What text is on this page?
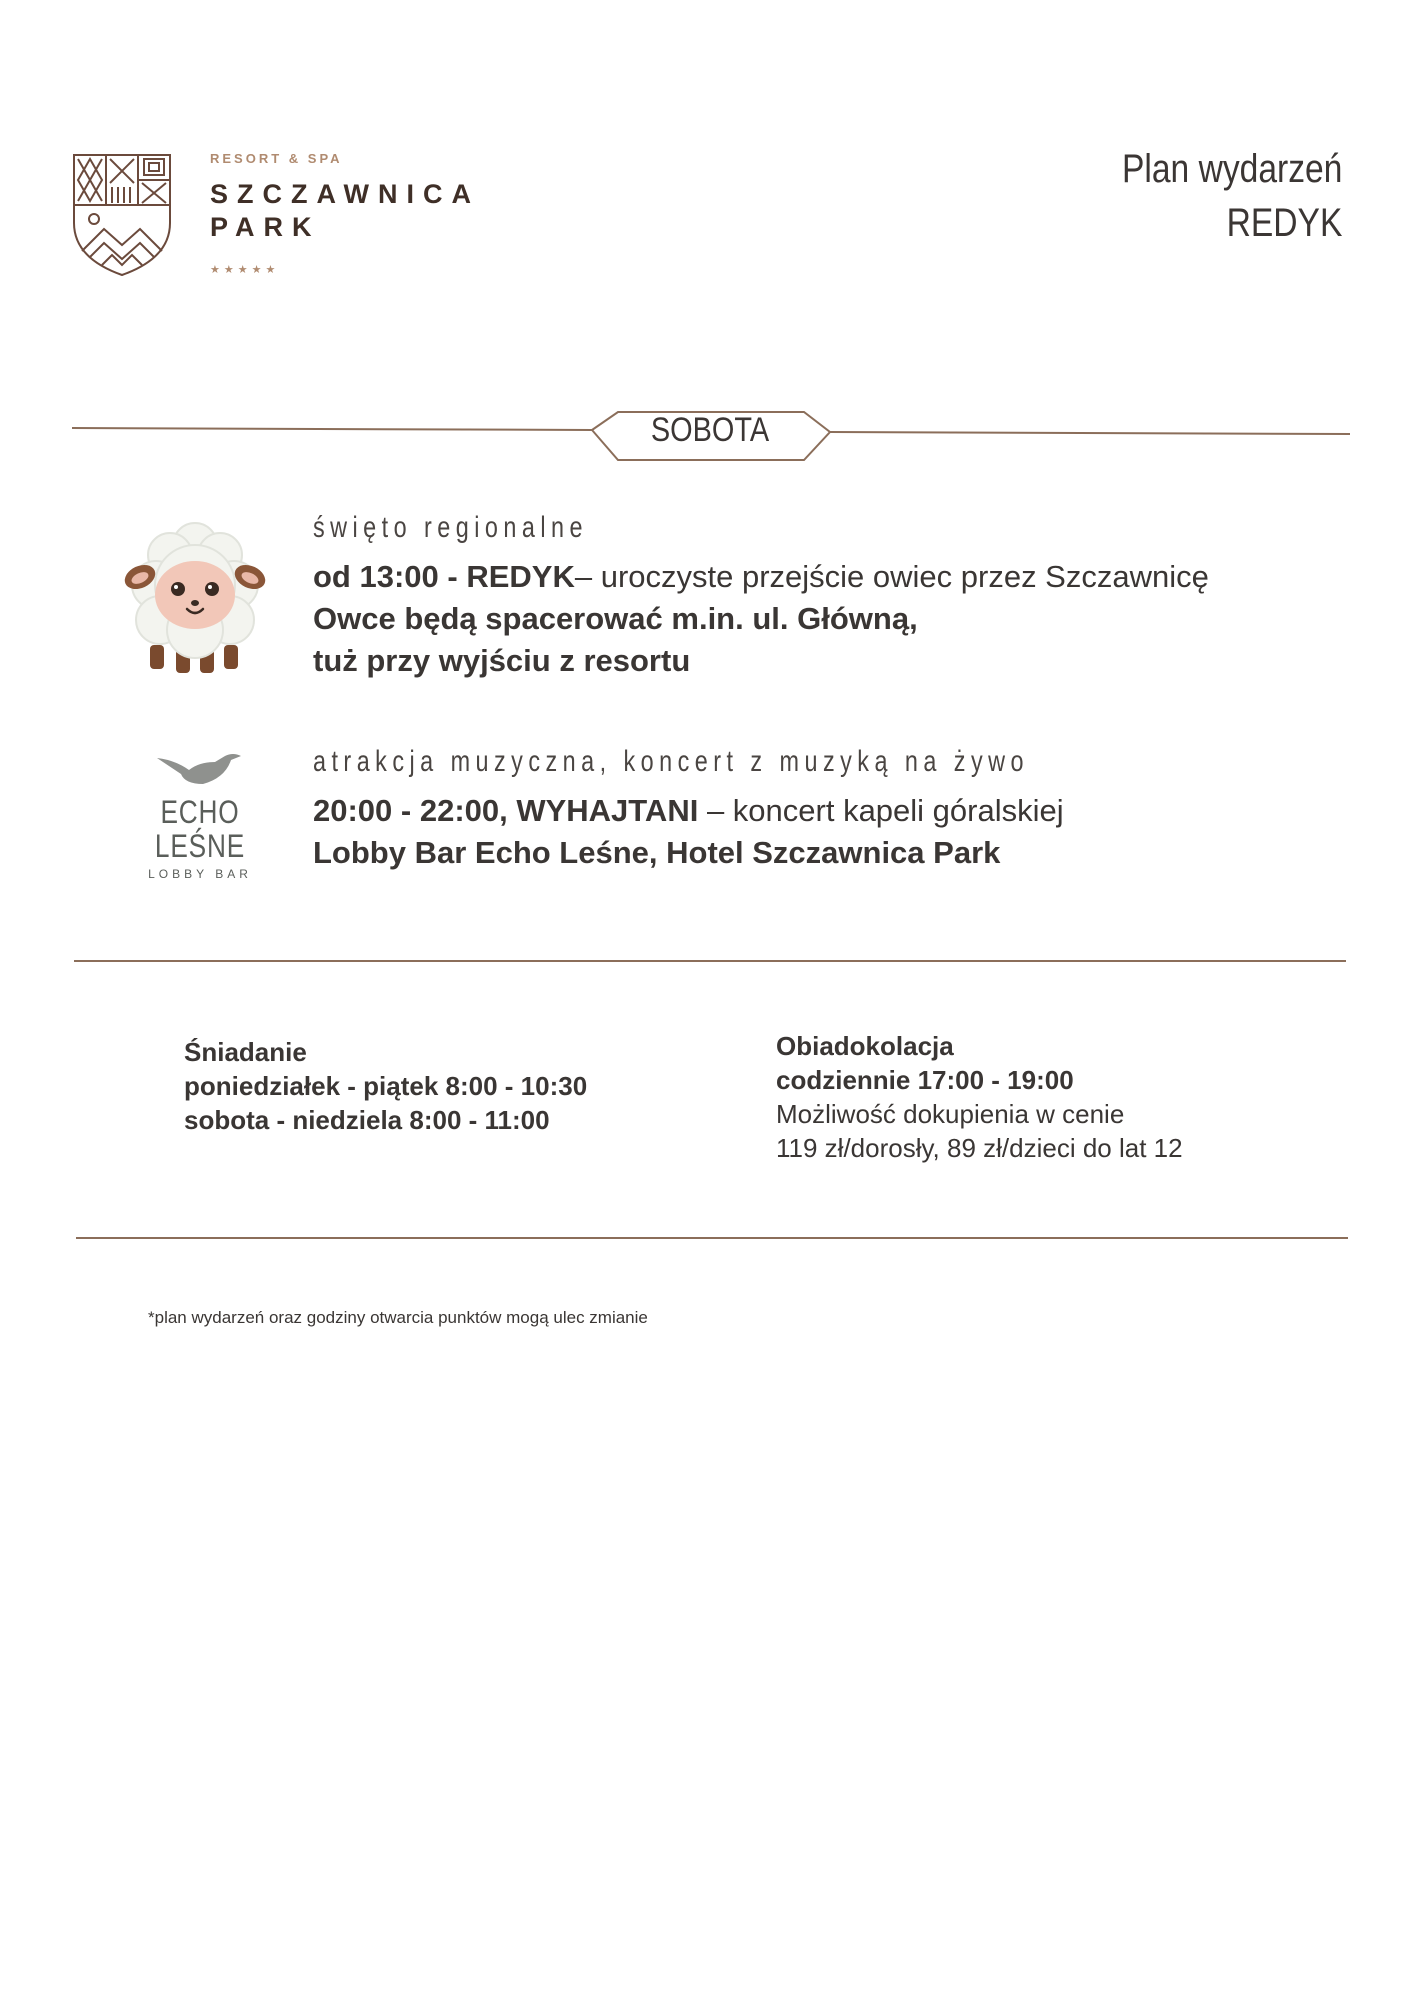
RESORT & SPA
SZCZAWNICA
PARK
★★★★★
Plan wydarzeń
REDYK
SOBOTA
święto regionalne
od 13:00 - REDYK– uroczyste przejście owiec przez Szczawnicę
Owce będą spacerować m.in. ul. Główną,
tuż przy wyjściu z resortu
ECHO LEŚNE
LOBBY BAR
atrakcja muzyczna, koncert z muzyką na żywo
20:00 - 22:00, WYHAJTANI – koncert kapeli góralskiej
Lobby Bar Echo Leśne, Hotel Szczawnica Park
Śniadanie
poniedziałek - piątek 8:00 - 10:30
sobota - niedziela 8:00 - 11:00
Obiadokolacja
codziennie 17:00 - 19:00
Możliwość dokupienia w cenie
119 zł/dorosły, 89 zł/dzieci do lat 12
*plan wydarzeń oraz godziny otwarcia punktów mogą ulec zmianie
